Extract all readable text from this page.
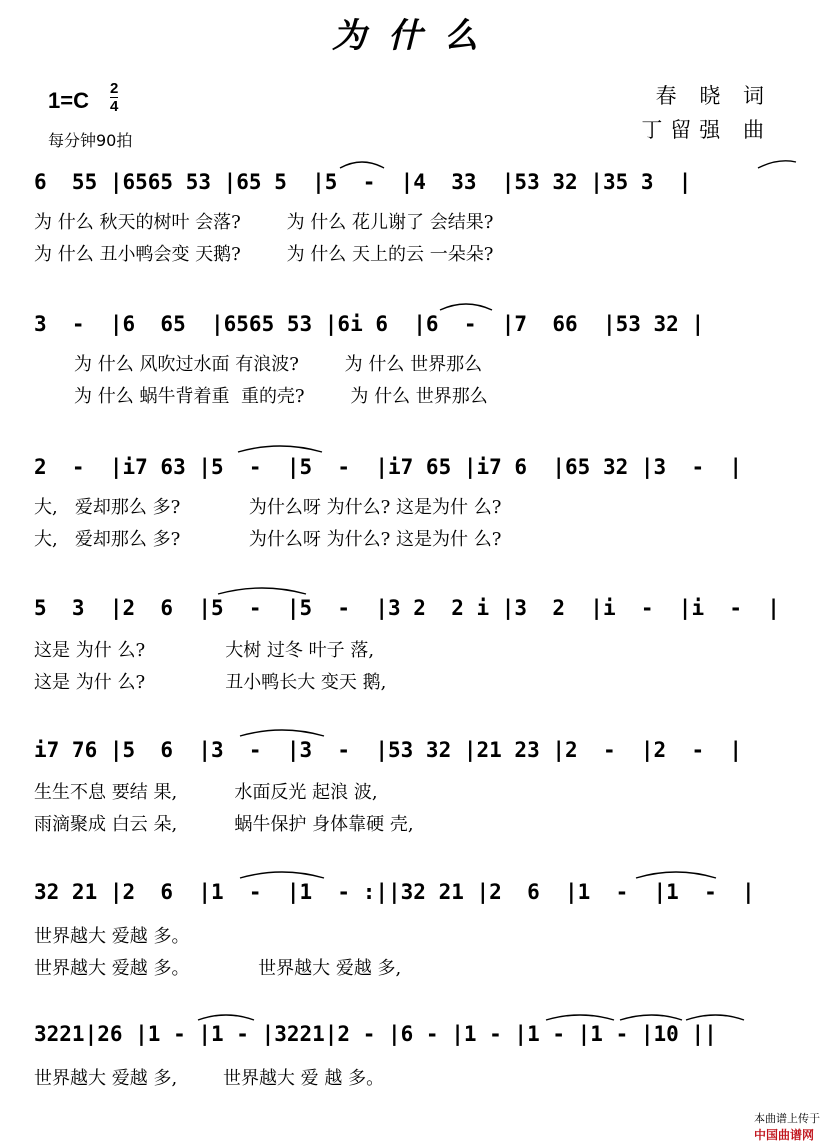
为什么
$1=C \frac{2}{4}$
每分钟90拍
春 晓 词
丁留强 曲
6  55 |6565 53 |65 5  |5  -  |4  33  |53 32 |35 3  |
为 什么 秋天的树叶 会落?        为 什么 花儿谢了 会结果?
为 什么 丑小鸭会变 天鹅?        为 什么 天上的云 一朵朵?
3  -  |6  65  |6565 53 |6i 6  |6  -  |7  66  |53 32 |
为 什么 风吹过水面 有浪波?        为 什么 世界那么
为 什么 蜗牛背着重  重的壳?        为 什么 世界那么
2  -  |i7 63 |5  -  |5  -  |i7 65 |i7 6  |65 32 |3  -  |
大,   爱却那么 多?            为什么呀 为什么? 这是为什 么?
大,   爱却那么 多?            为什么呀 为什么? 这是为什 么?
5  3  |2  6  |5  -  |5  -  |3 2  2 i |3  2  |i  -  |i  -  |
这是 为什 么?              大树 过冬 叶子 落,
这是 为什 么?              丑小鸭长大 变天 鹅,
i7 76 |5  6  |3  -  |3  -  |53 32 |21 23 |2  -  |2  -  |
生生不息 要结 果,          水面反光 起浪 波,
雨滴聚成 白云 朵,          蜗牛保护 身体靠硬 壳,
32 21 |2  6  |1  -  |1  - :||32 21 |2  6  |1  -  |1  -  |
世界越大 爱越 多。
世界越大 爱越 多。            世界越大 爱越 多,
3221|26 |1 - |1 - |3221|2 - |6 - |1 - |1 - |1 - |10 ||
世界越大 爱越 多,        世界越大 爱 越 多。

本曲谱上传于
中国曲谱网
